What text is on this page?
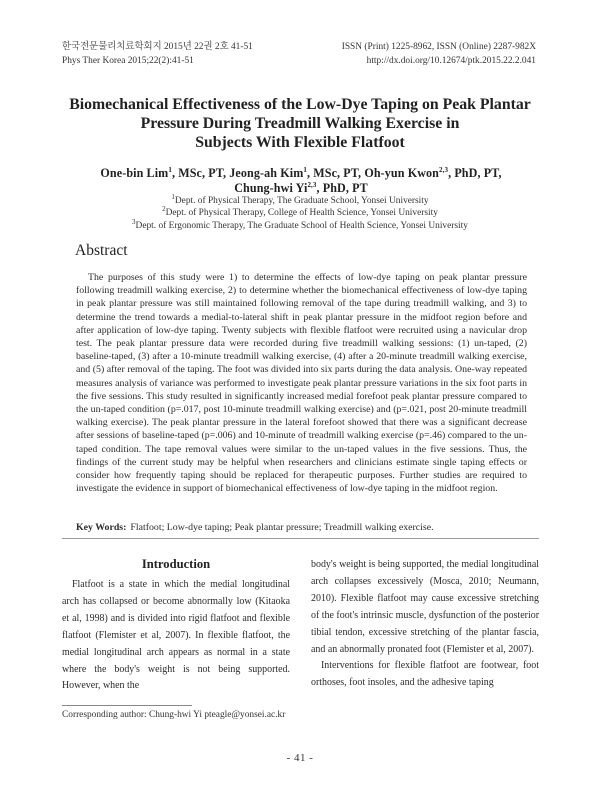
한국전문물리치료학회지 2015년 22권 2호 41-51
Phys Ther Korea 2015;22(2):41-51
ISSN (Print) 1225-8962, ISSN (Online) 2287-982X
http://dx.doi.org/10.12674/ptk.2015.22.2.041
Biomechanical Effectiveness of the Low-Dye Taping on Peak Plantar
Pressure During Treadmill Walking Exercise in
Subjects With Flexible Flatfoot
One-bin Lim$^1$, MSc, PT, Jeong-ah Kim$^1$, MSc, PT, Oh-yun Kwon$^{2,3}$, PhD, PT,
Chung-hwi Yi$^{2,3}$, PhD, PT
$^1$Dept. of Physical Therapy, The Graduate School, Yonsei University
$^2$Dept. of Physical Therapy, College of Health Science, Yonsei University
$^3$Dept. of Ergonomic Therapy, The Graduate School of Health Science, Yonsei University
Abstract
The purposes of this study were 1) to determine the effects of low-dye taping on peak plantar pressure following treadmill walking exercise, 2) to determine whether the biomechanical effectiveness of low-dye taping in peak plantar pressure was still maintained following removal of the tape during treadmill walking, and 3) to determine the trend towards a medial-to-lateral shift in peak plantar pressure in the midfoot region before and after application of low-dye taping. Twenty subjects with flexible flatfoot were recruited using a navicular drop test. The peak plantar pressure data were recorded during five treadmill walking sessions: (1) un-taped, (2) baseline-taped, (3) after a 10-minute treadmill walking exercise, (4) after a 20-minute treadmill walking exercise, and (5) after removal of the taping. The foot was divided into six parts during the data analysis. One-way repeated measures analysis of variance was performed to investigate peak plantar pressure variations in the six foot parts in the five sessions. This study resulted in significantly increased medial forefoot peak plantar pressure compared to the un-taped condition (p=.017, post 10-minute treadmill walking exercise) and (p=.021, post 20-minute treadmill walking exercise). The peak plantar pressure in the lateral forefoot showed that there was a significant decrease after sessions of baseline-taped (p=.006) and 10-minute of treadmill walking exercise (p=.46) compared to the un-taped condition. The tape removal values were similar to the un-taped values in the five sessions. Thus, the findings of the current study may be helpful when researchers and clinicians estimate single taping effects or consider how frequently taping should be replaced for therapeutic purposes. Further studies are required to investigate the evidence in support of biomechanical effectiveness of low-dye taping in the midfoot region.
Key Words: Flatfoot; Low-dye taping; Peak plantar pressure; Treadmill walking exercise.
Introduction
Flatfoot is a state in which the medial longitudinal arch has collapsed or become abnormally low (Kitaoka et al, 1998) and is divided into rigid flatfoot and flexible flatfoot (Flemister et al, 2007). In flexible flatfoot, the medial longitudinal arch appears as normal in a state where the body's weight is not being supported. However, when the

body's weight is being supported, the medial longitudinal arch collapses excessively (Mosca, 2010; Neumann, 2010). Flexible flatfoot may cause excessive stretching of the foot's intrinsic muscle, dysfunction of the posterior tibial tendon, excessive stretching of the plantar fascia, and an abnormally pronated foot (Flemister et al, 2007).

Interventions for flexible flatfoot are footwear, foot orthoses, foot insoles, and the adhesive taping

Corresponding author: Chung-hwi Yi pteagle@yonsei.ac.kr
- 41 -
